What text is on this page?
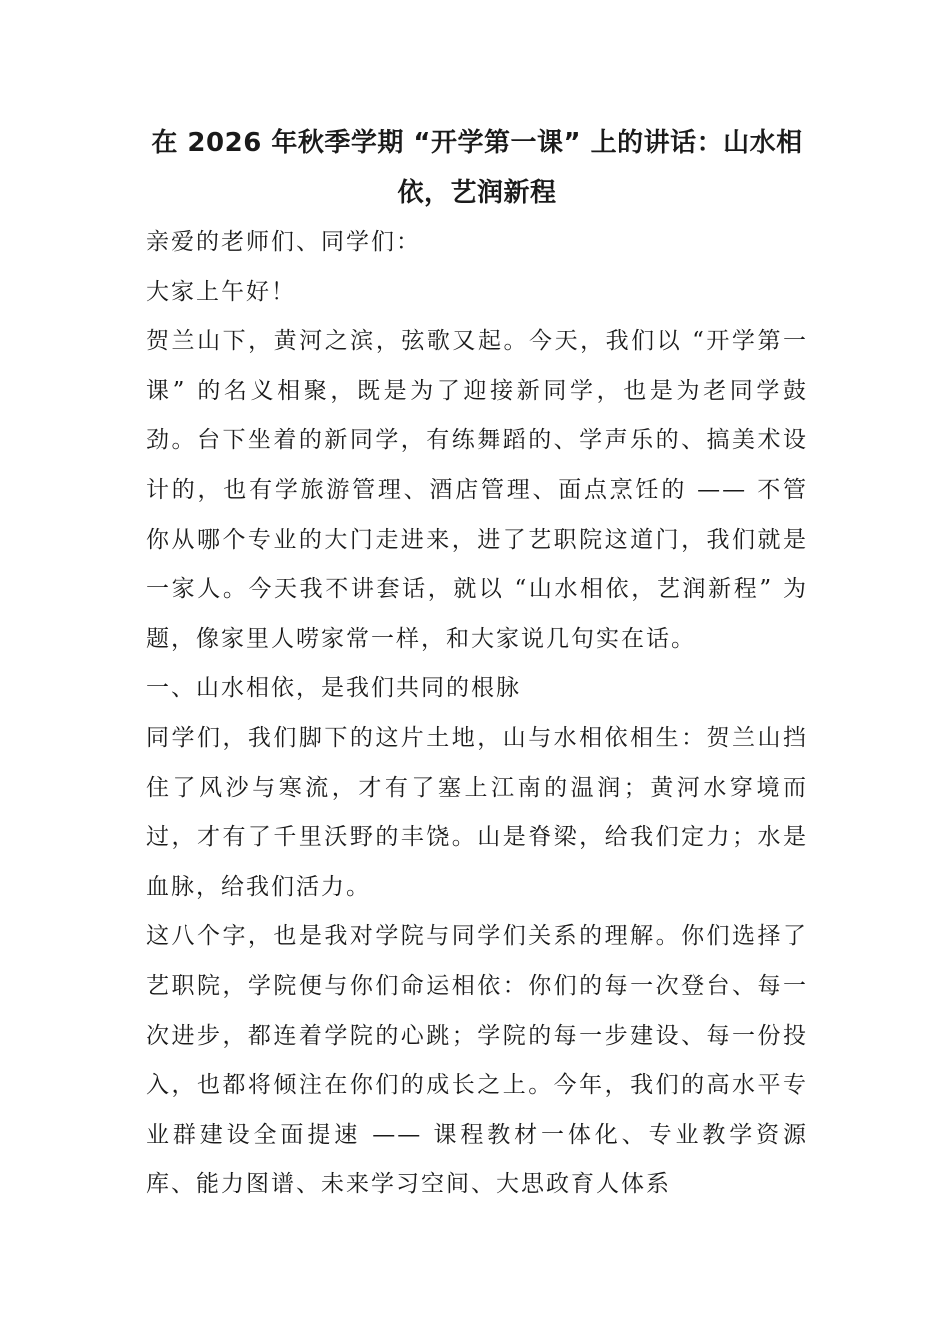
在 2026 年秋季学期 “开学第一课” 上的讲话：山水相依，艺润新程

亲爱的老师们、同学们：

大家上午好！

贺兰山下，黄河之滨，弦歌又起。今天，我们以 “开学第一课” 的名义相聚，既是为了迎接新同学，也是为老同学鼓劲。台下坐着的新同学，有练舞蹈的、学声乐的、搞美术设计的，也有学旅游管理、酒店管理、面点烹饪的 —— 不管你从哪个专业的大门走进来，进了艺职院这道门，我们就是一家人。今天我不讲套话，就以 “山水相依，艺润新程” 为题，像家里人唠家常一样，和大家说几句实在话。

一、山水相依，是我们共同的根脉

同学们，我们脚下的这片土地，山与水相依相生：贺兰山挡住了风沙与寒流，才有了塞上江南的温润；黄河水穿境而过，才有了千里沃野的丰饶。山是脊梁，给我们定力；水是血脉，给我们活力。

这八个字，也是我对学院与同学们关系的理解。你们选择了艺职院，学院便与你们命运相依：你们的每一次登台、每一次进步，都连着学院的心跳；学院的每一步建设、每一份投入，也都将倾注在你们的成长之上。今年，我们的高水平专业群建设全面提速 —— 课程教材一体化、专业教学资源库、能力图谱、未来学习空间、大思政育人体系
